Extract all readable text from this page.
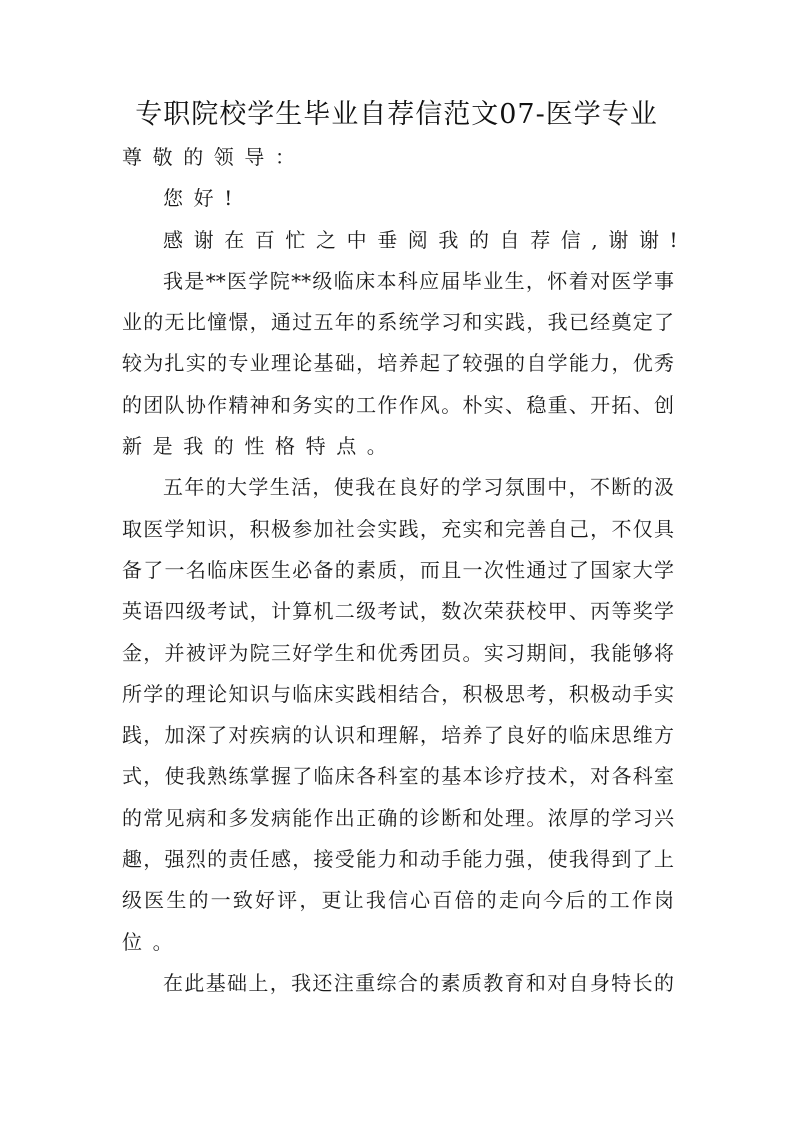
专职院校学生毕业自荐信范文07-医学专业
尊敬的领导：
您好!
感谢在百忙之中垂阅我的自荐信,谢谢!
我是**医学院**级临床本科应届毕业生，怀着对医学事
业的无比憧憬，通过五年的系统学习和实践，我已经奠定了
较为扎实的专业理论基础，培养起了较强的自学能力，优秀
的团队协作精神和务实的工作作风。朴实、稳重、开拓、创
新是我的性格特点。
五年的大学生活，使我在良好的学习氛围中，不断的汲
取医学知识，积极参加社会实践，充实和完善自己，不仅具
备了一名临床医生必备的素质，而且一次性通过了国家大学
英语四级考试，计算机二级考试，数次荣获校甲、丙等奖学
金，并被评为院三好学生和优秀团员。实习期间，我能够将
所学的理论知识与临床实践相结合，积极思考，积极动手实
践，加深了对疾病的认识和理解，培养了良好的临床思维方
式，使我熟练掌握了临床各科室的基本诊疗技术，对各科室
的常见病和多发病能作出正确的诊断和处理。浓厚的学习兴
趣，强烈的责任感，接受能力和动手能力强，使我得到了上
级医生的一致好评，更让我信心百倍的走向今后的工作岗
位。
在此基础上，我还注重综合的素质教育和对自身特长的
